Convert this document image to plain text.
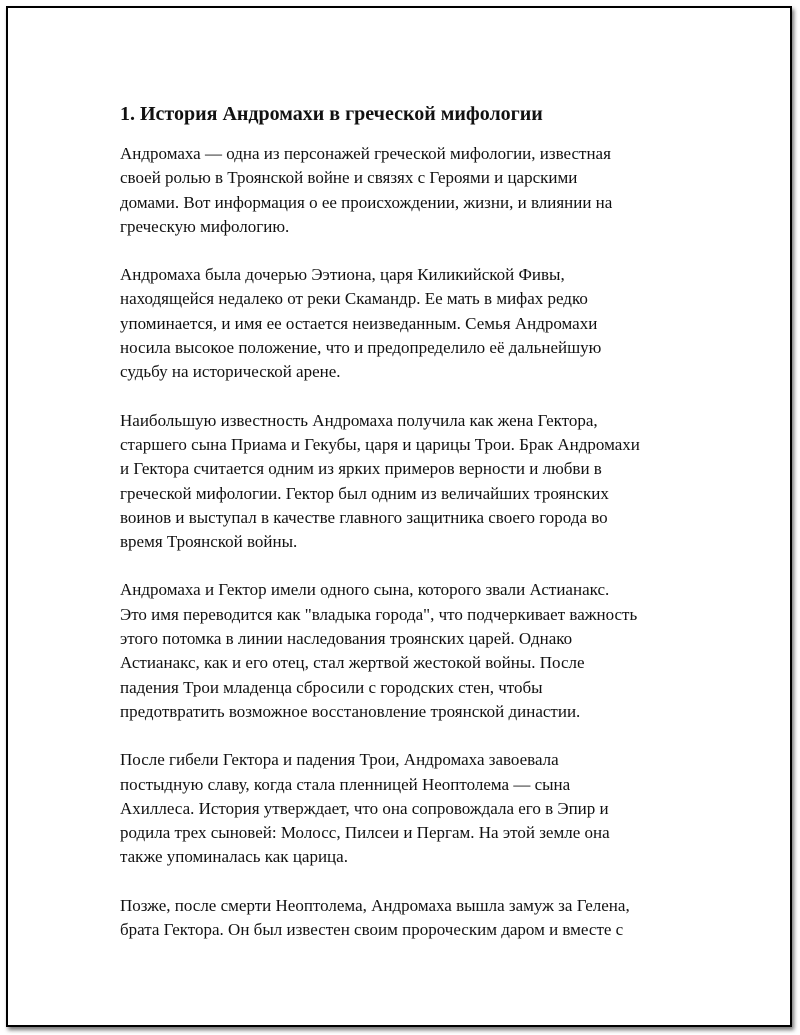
1. История Андромахи в греческой мифологии

Андромаха — одна из персонажей греческой мифологии, известная
своей ролью в Троянской войне и связях с Героями и царскими
домами. Вот информация о ее происхождении, жизни, и влиянии на
греческую мифологию.

Андромаха была дочерью Ээтиона, царя Киликийской Фивы,
находящейся недалеко от реки Скамандр. Ее мать в мифах редко
упоминается, и имя ее остается неизведанным. Семья Андромахи
носила высокое положение, что и предопределило её дальнейшую
судьбу на исторической арене.

Наибольшую известность Андромаха получила как жена Гектора,
старшего сына Приама и Гекубы, царя и царицы Трои. Брак Андромахи
и Гектора считается одним из ярких примеров верности и любви в
греческой мифологии. Гектор был одним из величайших троянских
воинов и выступал в качестве главного защитника своего города во
время Троянской войны.

Андромаха и Гектор имели одного сына, которого звали Астианакс.
Это имя переводится как "владыка города", что подчеркивает важность
этого потомка в линии наследования троянских царей. Однако
Астианакс, как и его отец, стал жертвой жестокой войны. После
падения Трои младенца сбросили с городских стен, чтобы
предотвратить возможное восстановление троянской династии.

После гибели Гектора и падения Трои, Андромаха завоевала
постыдную славу, когда стала пленницей Неоптолема — сына
Ахиллеса. История утверждает, что она сопровождала его в Эпир и
родила трех сыновей: Молосс, Пилсеи и Пергам. На этой земле она
также упоминалась как царица.

Позже, после смерти Неоптолема, Андромаха вышла замуж за Гелена,
брата Гектора. Он был известен своим пророческим даром и вместе с
